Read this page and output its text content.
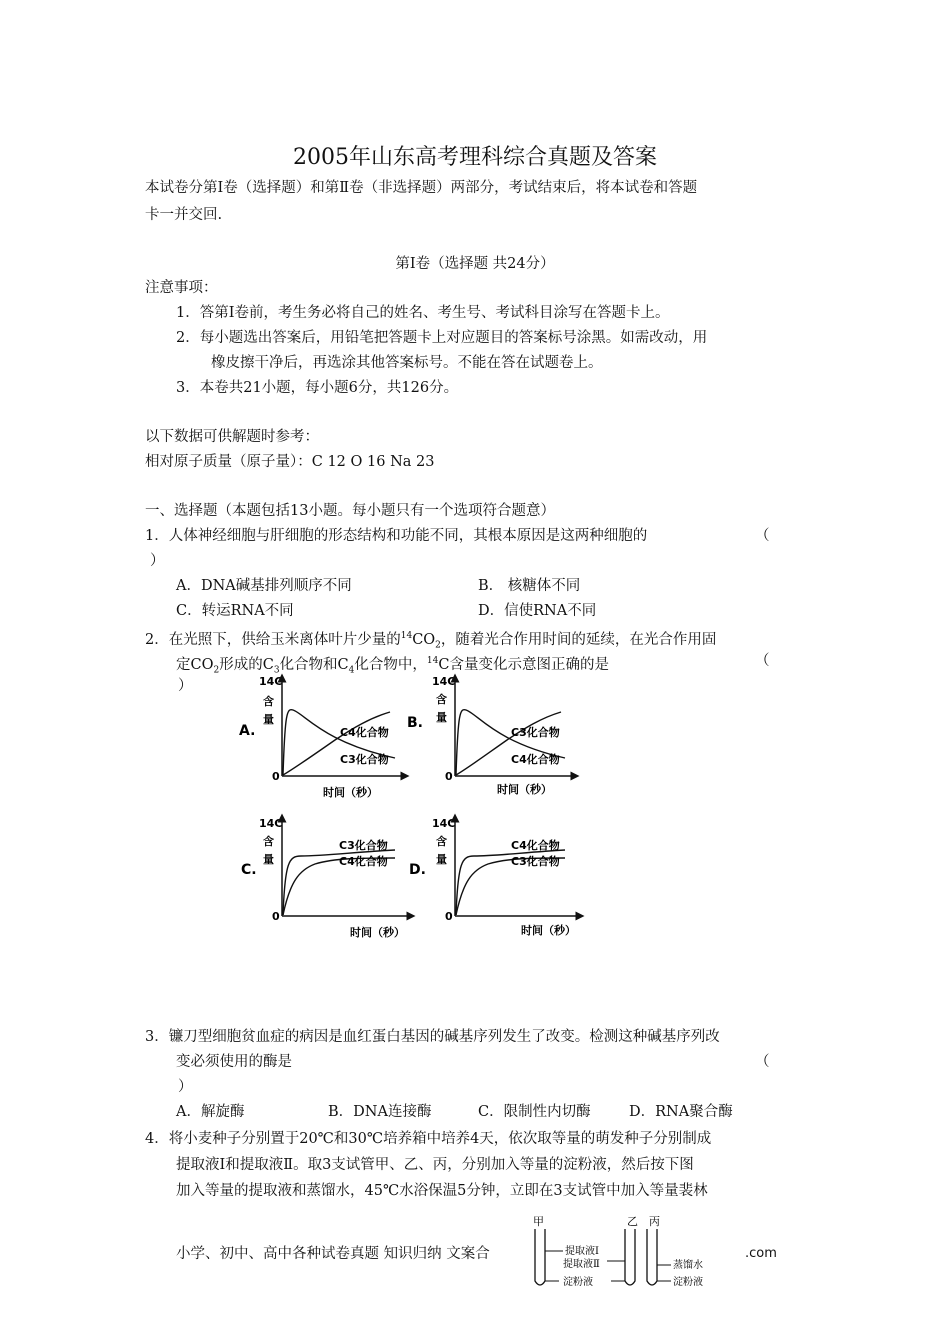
2005年山东高考理科综合真题及答案
本试卷分第Ⅰ卷（选择题）和第Ⅱ卷（非选择题）两部分，考试结束后，将本试卷和答题
卡一并交回.
第Ⅰ卷（选择题 共24分）
注意事项：
1．答第Ⅰ卷前，考生务必将自己的姓名、考生号、考试科目涂写在答题卡上。
2．每小题选出答案后，用铅笔把答题卡上对应题目的答案标号涂黑。如需改动，用
橡皮擦干净后，再选涂其他答案标号。不能在答在试题卷上。
3．本卷共21小题，每小题6分，共126分。
以下数据可供解题时参考：
相对原子质量（原子量）：C 12 O 16 Na 23
一、选择题（本题包括13小题。每小题只有一个选项符合题意）
1．人体神经细胞与肝细胞的形态结构和功能不同，其根本原因是这两种细胞的	（
）
A．DNA碱基排列顺序不同	B． 核糖体不同
C．转运RNA不同	D．信使RNA不同
2．在光照下，供给玉米离体叶片少量的$^{14}CO_2$，随着光合作用时间的延续，在光合作用固
定$CO_2$形成的$C_3$化合物和$C_4$化合物中，$^{14}$C含量变化示意图正确的是	（
）
A.
14C
含
量
0
C4化合物
C3化合物
时间（秒）
B.
14C
含
量
0
C3化合物
C4化合物
时间（秒）
C.
14C
含
量
0
C3化合物
C4化合物
时间（秒）
D.
14C
含
量
0
C4化合物
C3化合物
时间（秒）
3．镰刀型细胞贫血症的病因是血红蛋白基因的碱基序列发生了改变。检测这种碱基序列改
变必须使用的酶是	（
）
A．解旋酶	B．DNA连接酶	C．限制性内切酶	D．RNA聚合酶
4．将小麦种子分别置于20℃和30℃培养箱中培养4天，依次取等量的萌发种子分别制成
提取液Ⅰ和提取液Ⅱ。取3支试管甲、乙、丙，分别加入等量的淀粉液，然后按下图
加入等量的提取液和蒸馏水，45℃水浴保温5分钟，立即在3支试管中加入等量裴林
小学、初中、高中各种试卷真题 知识归纳 文案合	.com
甲	乙 丙
提取液Ⅰ
提取液Ⅱ
淀粉液
蒸馏水
淀粉液
